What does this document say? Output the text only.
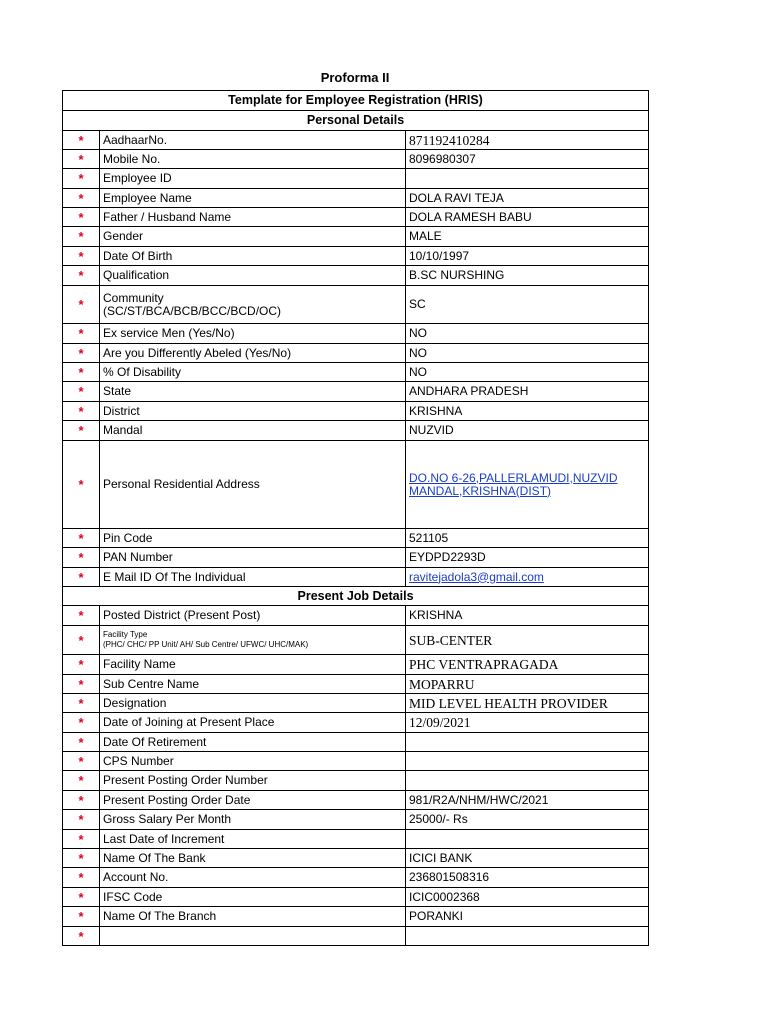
Proforma II
Template for Employee Registration (HRIS)		
Personal Details		
*	AadhaarNo.	871192410284
*	Mobile No.	8096980307
*	Employee ID	
*	Employee Name	DOLA RAVI TEJA
*	Father / Husband Name	DOLA RAMESH BABU
*	Gender	MALE
*	Date Of Birth	10/10/1997
*	Qualification	B.SC NURSHING
*	Community
(SC/ST/BCA/BCB/BCC/BCD/OC)	SC
*	Ex service Men (Yes/No)	NO
*	Are you Differently Abeled (Yes/No)	NO
*	% Of Disability	NO
*	State	ANDHARA PRADESH
*	District	KRISHNA
*	Mandal	NUZVID
*	Personal Residential Address	DO.NO 6-26,PALLERLAMUDI,NUZVID MANDAL,KRISHNA(DIST)
*	Pin Code	521105
*	PAN Number	EYDPD2293D
*	E Mail ID Of The Individual	ravitejadola3@gmail.com
Present Job Details		
*	Posted District (Present Post)	KRISHNA
*	Facility Type
(PHC/ CHC/ PP Unit/ AH/ Sub Centre/ UFWC/ UHC/MAK)	SUB-CENTER
*	Facility Name	PHC VENTRAPRAGADA
*	Sub Centre Name	MOPARRU
*	Designation	MID LEVEL HEALTH PROVIDER
*	Date of Joining at Present Place	12/09/2021
*	Date Of Retirement	
*	CPS Number	
*	Present Posting Order Number	
*	Present Posting Order Date	981/R2A/NHM/HWC/2021
*	Gross Salary Per Month	25000/- Rs
*	Last Date of Increment	
*	Name Of The Bank	ICICI BANK
*	Account No.	236801508316
*	IFSC Code	ICIC0002368
*	Name Of The Branch	PORANKI
*		
